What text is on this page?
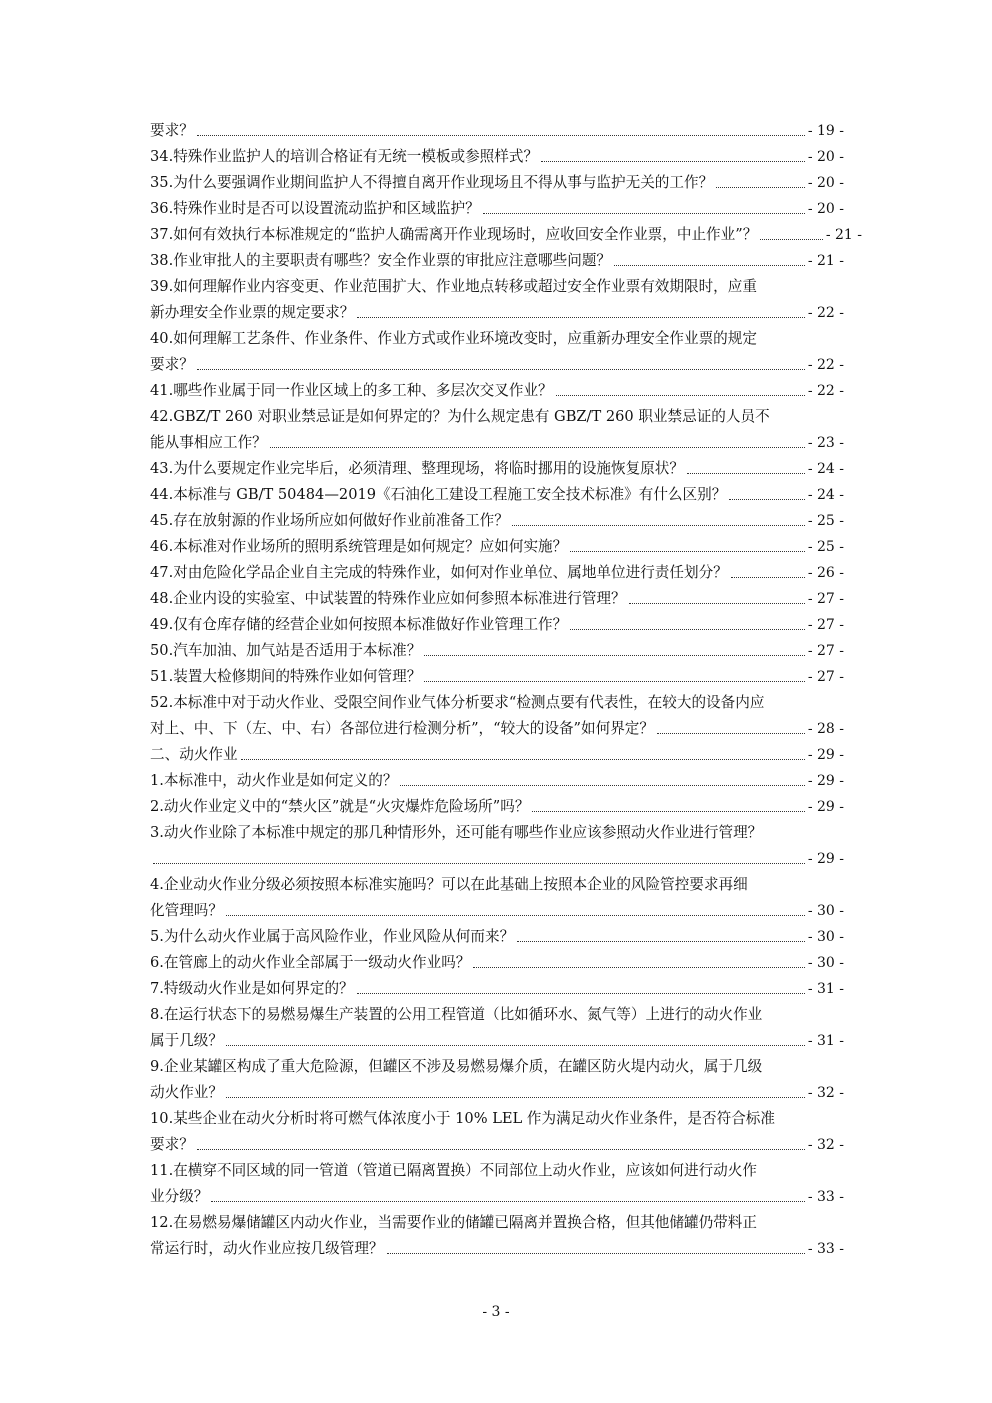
要求？	- 19 -
34.特殊作业监护人的培训合格证有无统一模板或参照样式？	- 20 -
35.为什么要强调作业期间监护人不得擅自离开作业现场且不得从事与监护无关的工作？	- 20 -
36.特殊作业时是否可以设置流动监护和区域监护？	- 20 -
37.如何有效执行本标准规定的“监护人确需离开作业现场时，应收回安全作业票，中止作业”？	- 21 -
38.作业审批人的主要职责有哪些？安全作业票的审批应注意哪些问题？	- 21 -
39.如何理解作业内容变更、作业范围扩大、作业地点转移或超过安全作业票有效期限时，应重
新办理安全作业票的规定要求？	- 22 -
40.如何理解工艺条件、作业条件、作业方式或作业环境改变时，应重新办理安全作业票的规定
要求？	- 22 -
41.哪些作业属于同一作业区域上的多工种、多层次交叉作业？	- 22 -
42.GBZ/T 260 对职业禁忌证是如何界定的？为什么规定患有 GBZ/T 260 职业禁忌证的人员不
能从事相应工作？	- 23 -
43.为什么要规定作业完毕后，必须清理、整理现场，将临时挪用的设施恢复原状？	- 24 -
44.本标准与 GB/T 50484—2019《石油化工建设工程施工安全技术标准》有什么区别？	- 24 -
45.存在放射源的作业场所应如何做好作业前准备工作？	- 25 -
46.本标准对作业场所的照明系统管理是如何规定？应如何实施？	- 25 -
47.对由危险化学品企业自主完成的特殊作业，如何对作业单位、属地单位进行责任划分？	- 26 -
48.企业内设的实验室、中试装置的特殊作业应如何参照本标准进行管理？	- 27 -
49.仅有仓库存储的经营企业如何按照本标准做好作业管理工作？	- 27 -
50.汽车加油、加气站是否适用于本标准？	- 27 -
51.装置大检修期间的特殊作业如何管理？	- 27 -
52.本标准中对于动火作业、受限空间作业气体分析要求“检测点要有代表性，在较大的设备内应
对上、中、下（左、中、右）各部位进行检测分析”，“较大的设备”如何界定？	- 28 -
二、动火作业	- 29 -
1.本标准中，动火作业是如何定义的？	- 29 -
2.动火作业定义中的“禁火区”就是“火灾爆炸危险场所”吗？	- 29 -
3.动火作业除了本标准中规定的那几种情形外，还可能有哪些作业应该参照动火作业进行管理？
- 29 -
4.企业动火作业分级必须按照本标准实施吗？可以在此基础上按照本企业的风险管控要求再细
化管理吗？	- 30 -
5.为什么动火作业属于高风险作业，作业风险从何而来？	- 30 -
6.在管廊上的动火作业全部属于一级动火作业吗？	- 30 -
7.特级动火作业是如何界定的？	- 31 -
8.在运行状态下的易燃易爆生产装置的公用工程管道（比如循环水、氮气等）上进行的动火作业
属于几级？	- 31 -
9.企业某罐区构成了重大危险源，但罐区不涉及易燃易爆介质，在罐区防火堤内动火，属于几级
动火作业？	- 32 -
10.某些企业在动火分析时将可燃气体浓度小于 10% LEL 作为满足动火作业条件，是否符合标准
要求？	- 32 -
11.在横穿不同区域的同一管道（管道已隔离置换）不同部位上动火作业，应该如何进行动火作
业分级？	- 33 -
12.在易燃易爆储罐区内动火作业，当需要作业的储罐已隔离并置换合格，但其他储罐仍带料正
常运行时，动火作业应按几级管理？	- 33 -
- 3 -
